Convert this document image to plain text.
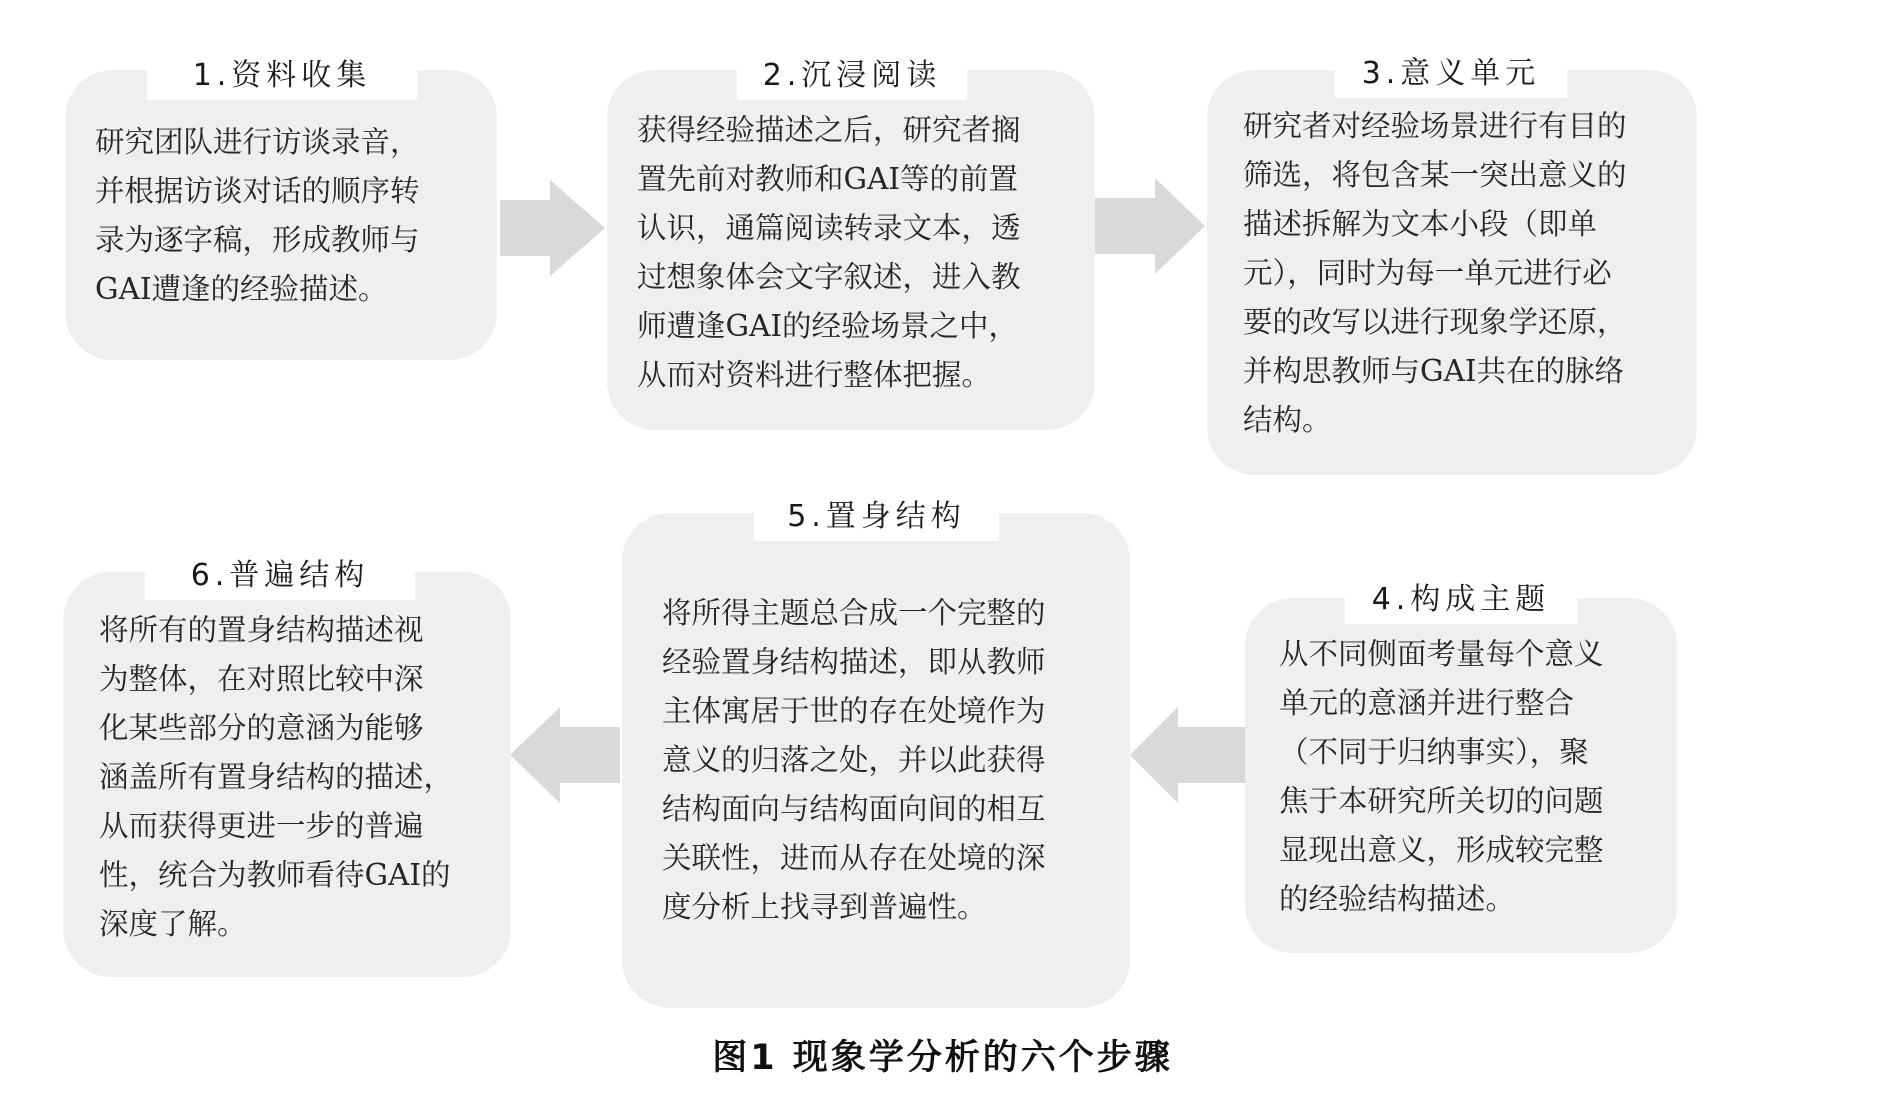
1.资料收集
研究团队进行访谈录音，
并根据访谈对话的顺序转
录为逐字稿，形成教师与
GAI遭逢的经验描述。
2.沉浸阅读
获得经验描述之后，研究者搁
置先前对教师和GAI等的前置
认识，通篇阅读转录文本，透
过想象体会文字叙述，进入教
师遭逢GAI的经验场景之中，
从而对资料进行整体把握。
3.意义单元
研究者对经验场景进行有目的
筛选，将包含某一突出意义的
描述拆解为文本小段（即单
元），同时为每一单元进行必
要的改写以进行现象学还原，
并构思教师与GAI共在的脉络
结构。
6.普遍结构
将所有的置身结构描述视
为整体，在对照比较中深
化某些部分的意涵为能够
涵盖所有置身结构的描述，
从而获得更进一步的普遍
性，统合为教师看待GAI的
深度了解。
5.置身结构
将所得主题总合成一个完整的
经验置身结构描述，即从教师
主体寓居于世的存在处境作为
意义的归落之处，并以此获得
结构面向与结构面向间的相互
关联性，进而从存在处境的深
度分析上找寻到普遍性。
4.构成主题
从不同侧面考量每个意义
单元的意涵并进行整合
（不同于归纳事实），聚
焦于本研究所关切的问题
显现出意义，形成较完整
的经验结构描述。
图1 现象学分析的六个步骤
